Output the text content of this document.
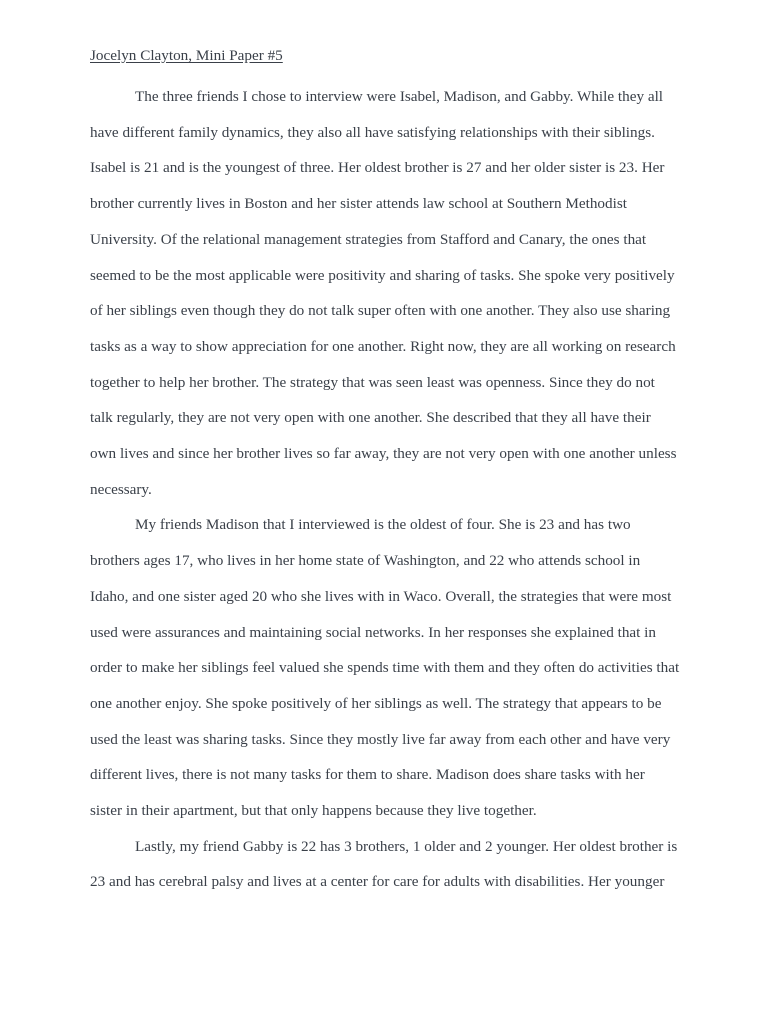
Jocelyn Clayton, Mini Paper #5

The three friends I chose to interview were Isabel, Madison, and Gabby. While they all have different family dynamics, they also all have satisfying relationships with their siblings. Isabel is 21 and is the youngest of three. Her oldest brother is 27 and her older sister is 23. Her brother currently lives in Boston and her sister attends law school at Southern Methodist University. Of the relational management strategies from Stafford and Canary, the ones that seemed to be the most applicable were positivity and sharing of tasks. She spoke very positively of her siblings even though they do not talk super often with one another. They also use sharing tasks as a way to show appreciation for one another. Right now, they are all working on research together to help her brother. The strategy that was seen least was openness. Since they do not talk regularly, they are not very open with one another. She described that they all have their own lives and since her brother lives so far away, they are not very open with one another unless necessary.

My friends Madison that I interviewed is the oldest of four. She is 23 and has two brothers ages 17, who lives in her home state of Washington, and 22 who attends school in Idaho, and one sister aged 20 who she lives with in Waco. Overall, the strategies that were most used were assurances and maintaining social networks. In her responses she explained that in order to make her siblings feel valued she spends time with them and they often do activities that one another enjoy. She spoke positively of her siblings as well. The strategy that appears to be used the least was sharing tasks. Since they mostly live far away from each other and have very different lives, there is not many tasks for them to share. Madison does share tasks with her sister in their apartment, but that only happens because they live together.

Lastly, my friend Gabby is 22 has 3 brothers, 1 older and 2 younger. Her oldest brother is 23 and has cerebral palsy and lives at a center for care for adults with disabilities. Her younger
